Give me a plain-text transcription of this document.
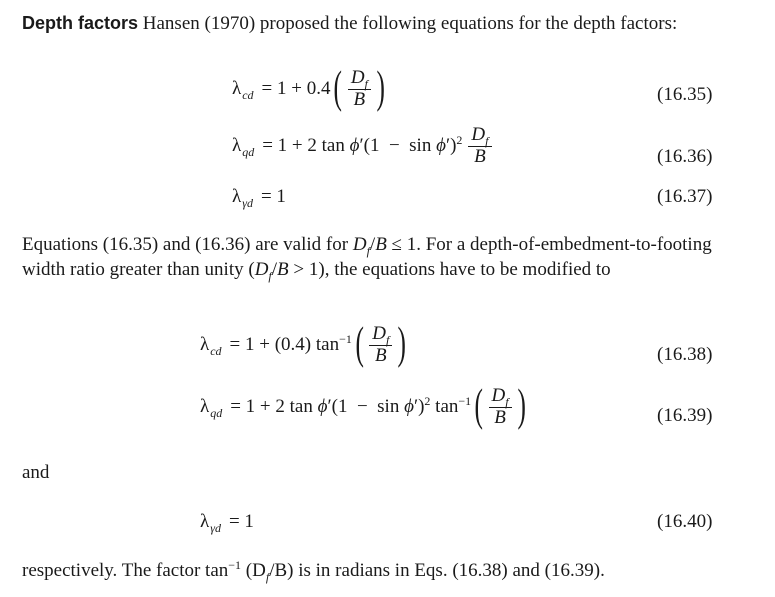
Depth factors Hansen (1970) proposed the following equations for the depth factors:
λ cd = 1 + 0.4 ( $\frac{D_f}{B}$ )	(16.35)
λ qd = 1 + 2 $\tan \phi'(1 - \sin \phi')^2 \frac{D_f}{B}$	(16.36)
λ γd = 1	(16.37)
Equations (16.35) and (16.36) are valid for $D_f/B \le 1$. For a depth-of-embedment-to-footing width ratio greater than unity $(D_f/B > 1)$, the equations have to be modified to
λ cd = 1 + (0.4) $\tan^{-1}$ ( $\frac{D_f}{B}$ )	(16.38)
λ qd = 1 + 2 $\tan \phi'(1 - \sin \phi')^2$ $\tan^{-1}$ ( $\frac{D_f}{B}$ )	(16.39)
and
λ γd = 1	(16.40)
respectively. The factor $\tan^{-1} (D_f/B)$ is in radians in Eqs. (16.38) and (16.39).
